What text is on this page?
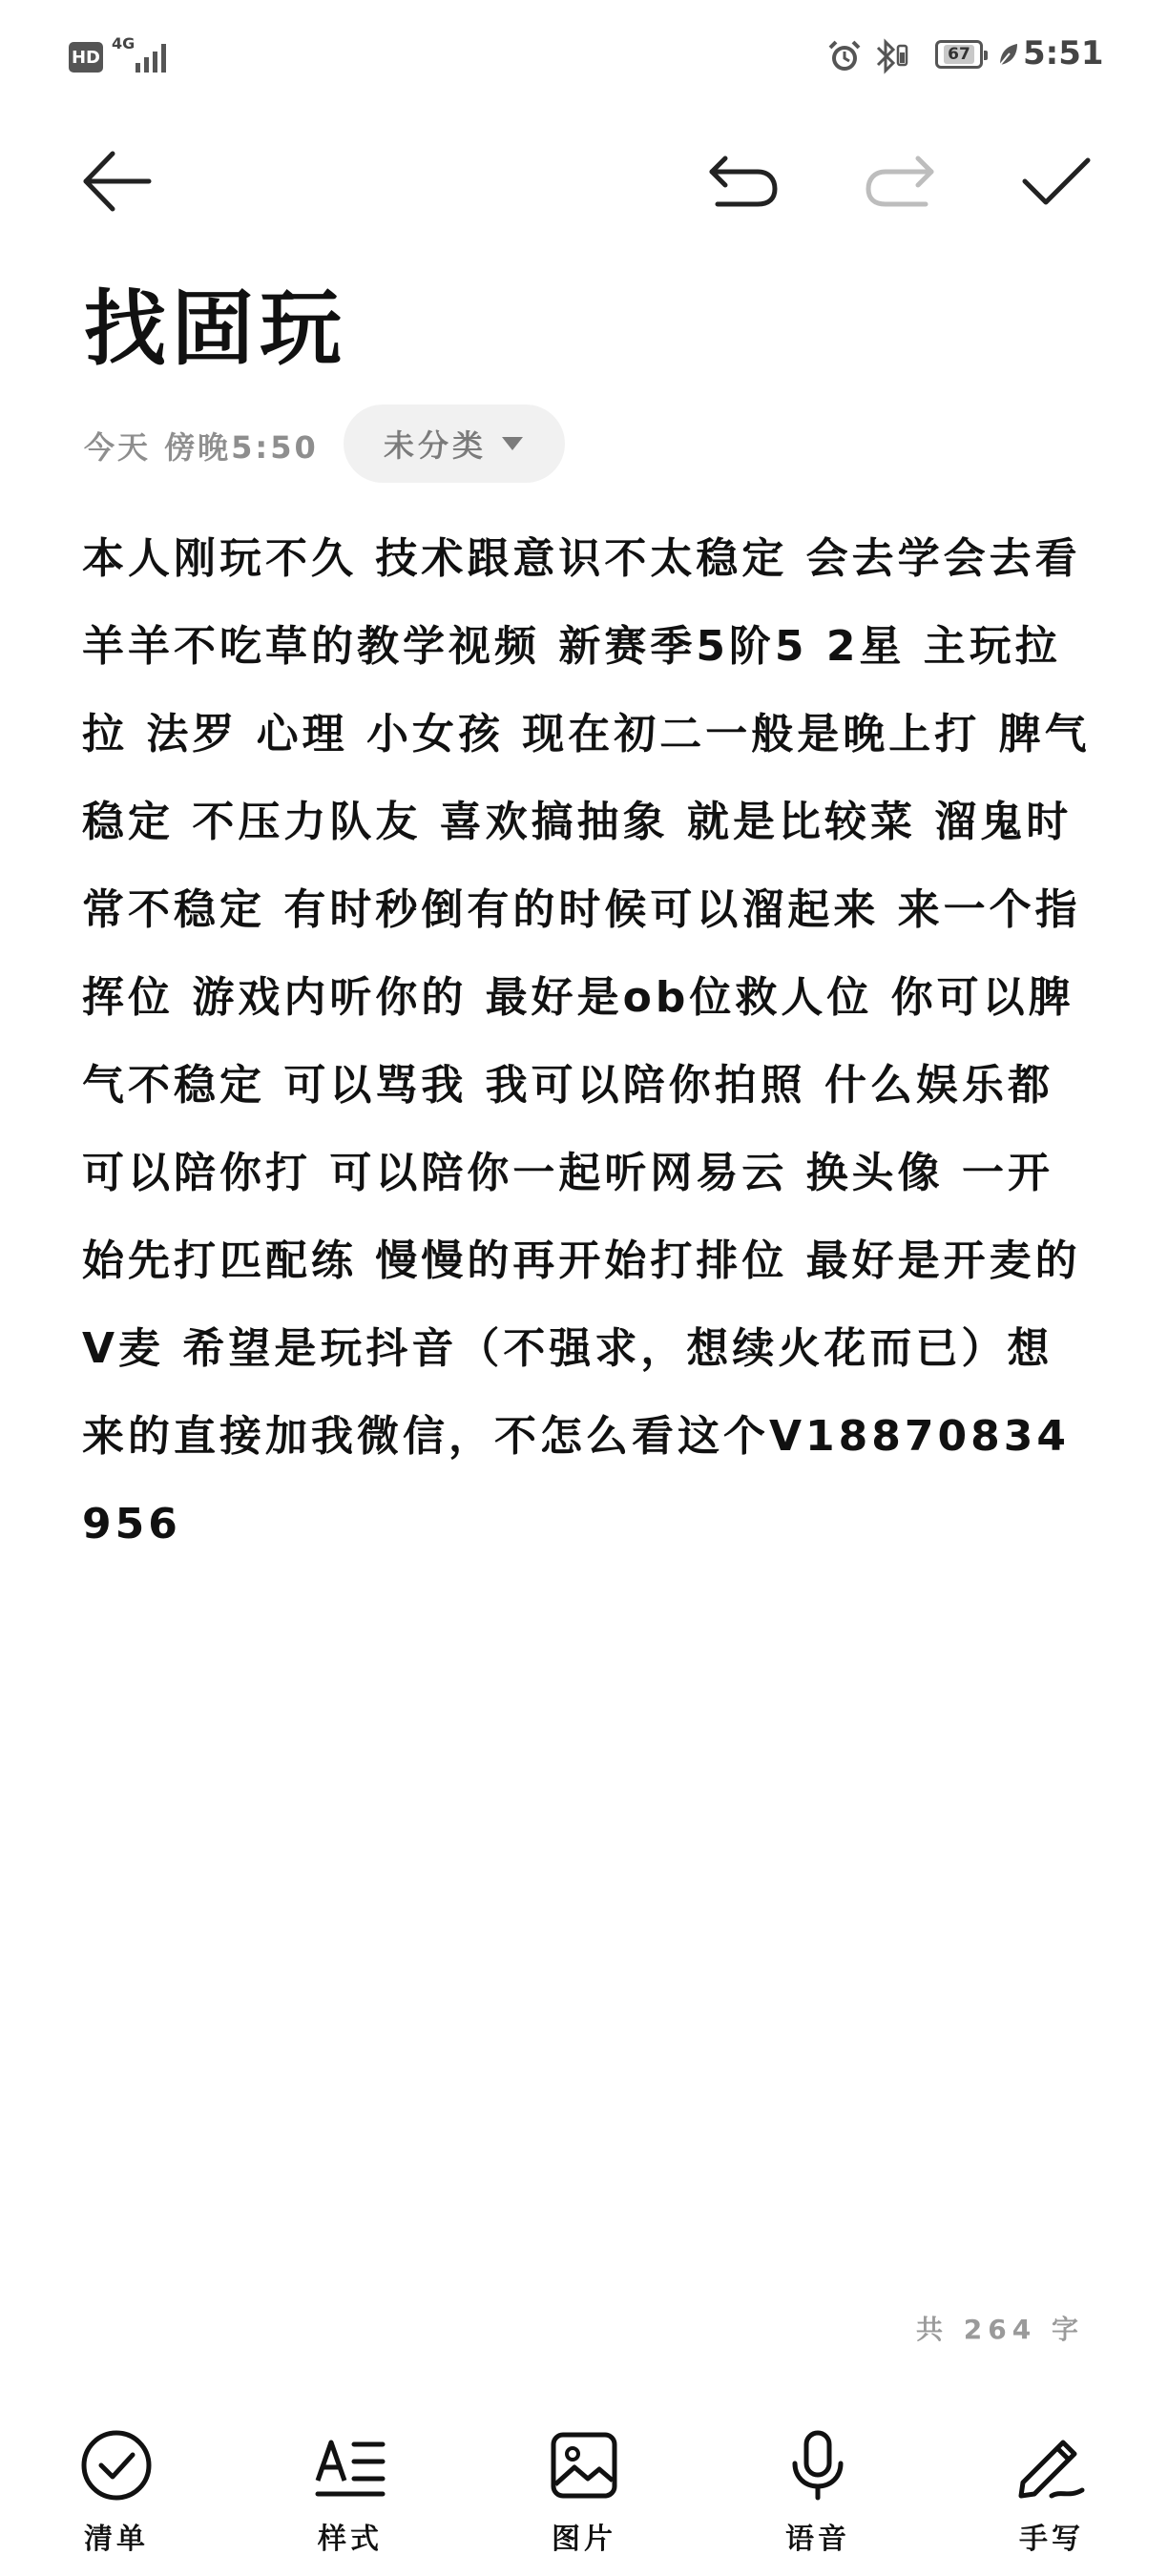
HD
4G
67 5:51
找固玩
今天 傍晚5:50 未分类
本人刚玩不久 技术跟意识不太稳定 会去学会去看羊羊不吃草的教学视频 新赛季5阶5 2星 主玩拉拉 法罗 心理 小女孩 现在初二一般是晚上打 脾气稳定 不压力队友 喜欢搞抽象 就是比较菜 溜鬼时常不稳定 有时秒倒有的时候可以溜起来 来一个指挥位 游戏内听你的 最好是ob位救人位 你可以脾气不稳定 可以骂我 我可以陪你拍照 什么娱乐都可以陪你打 可以陪你一起听网易云 换头像 一开始先打匹配练 慢慢的再开始打排位 最好是开麦的V麦 希望是玩抖音（不强求，想续火花而已）想来的直接加我微信，不怎么看这个V18870834956
共 264 字
清单	样式	图片	语音	手写
